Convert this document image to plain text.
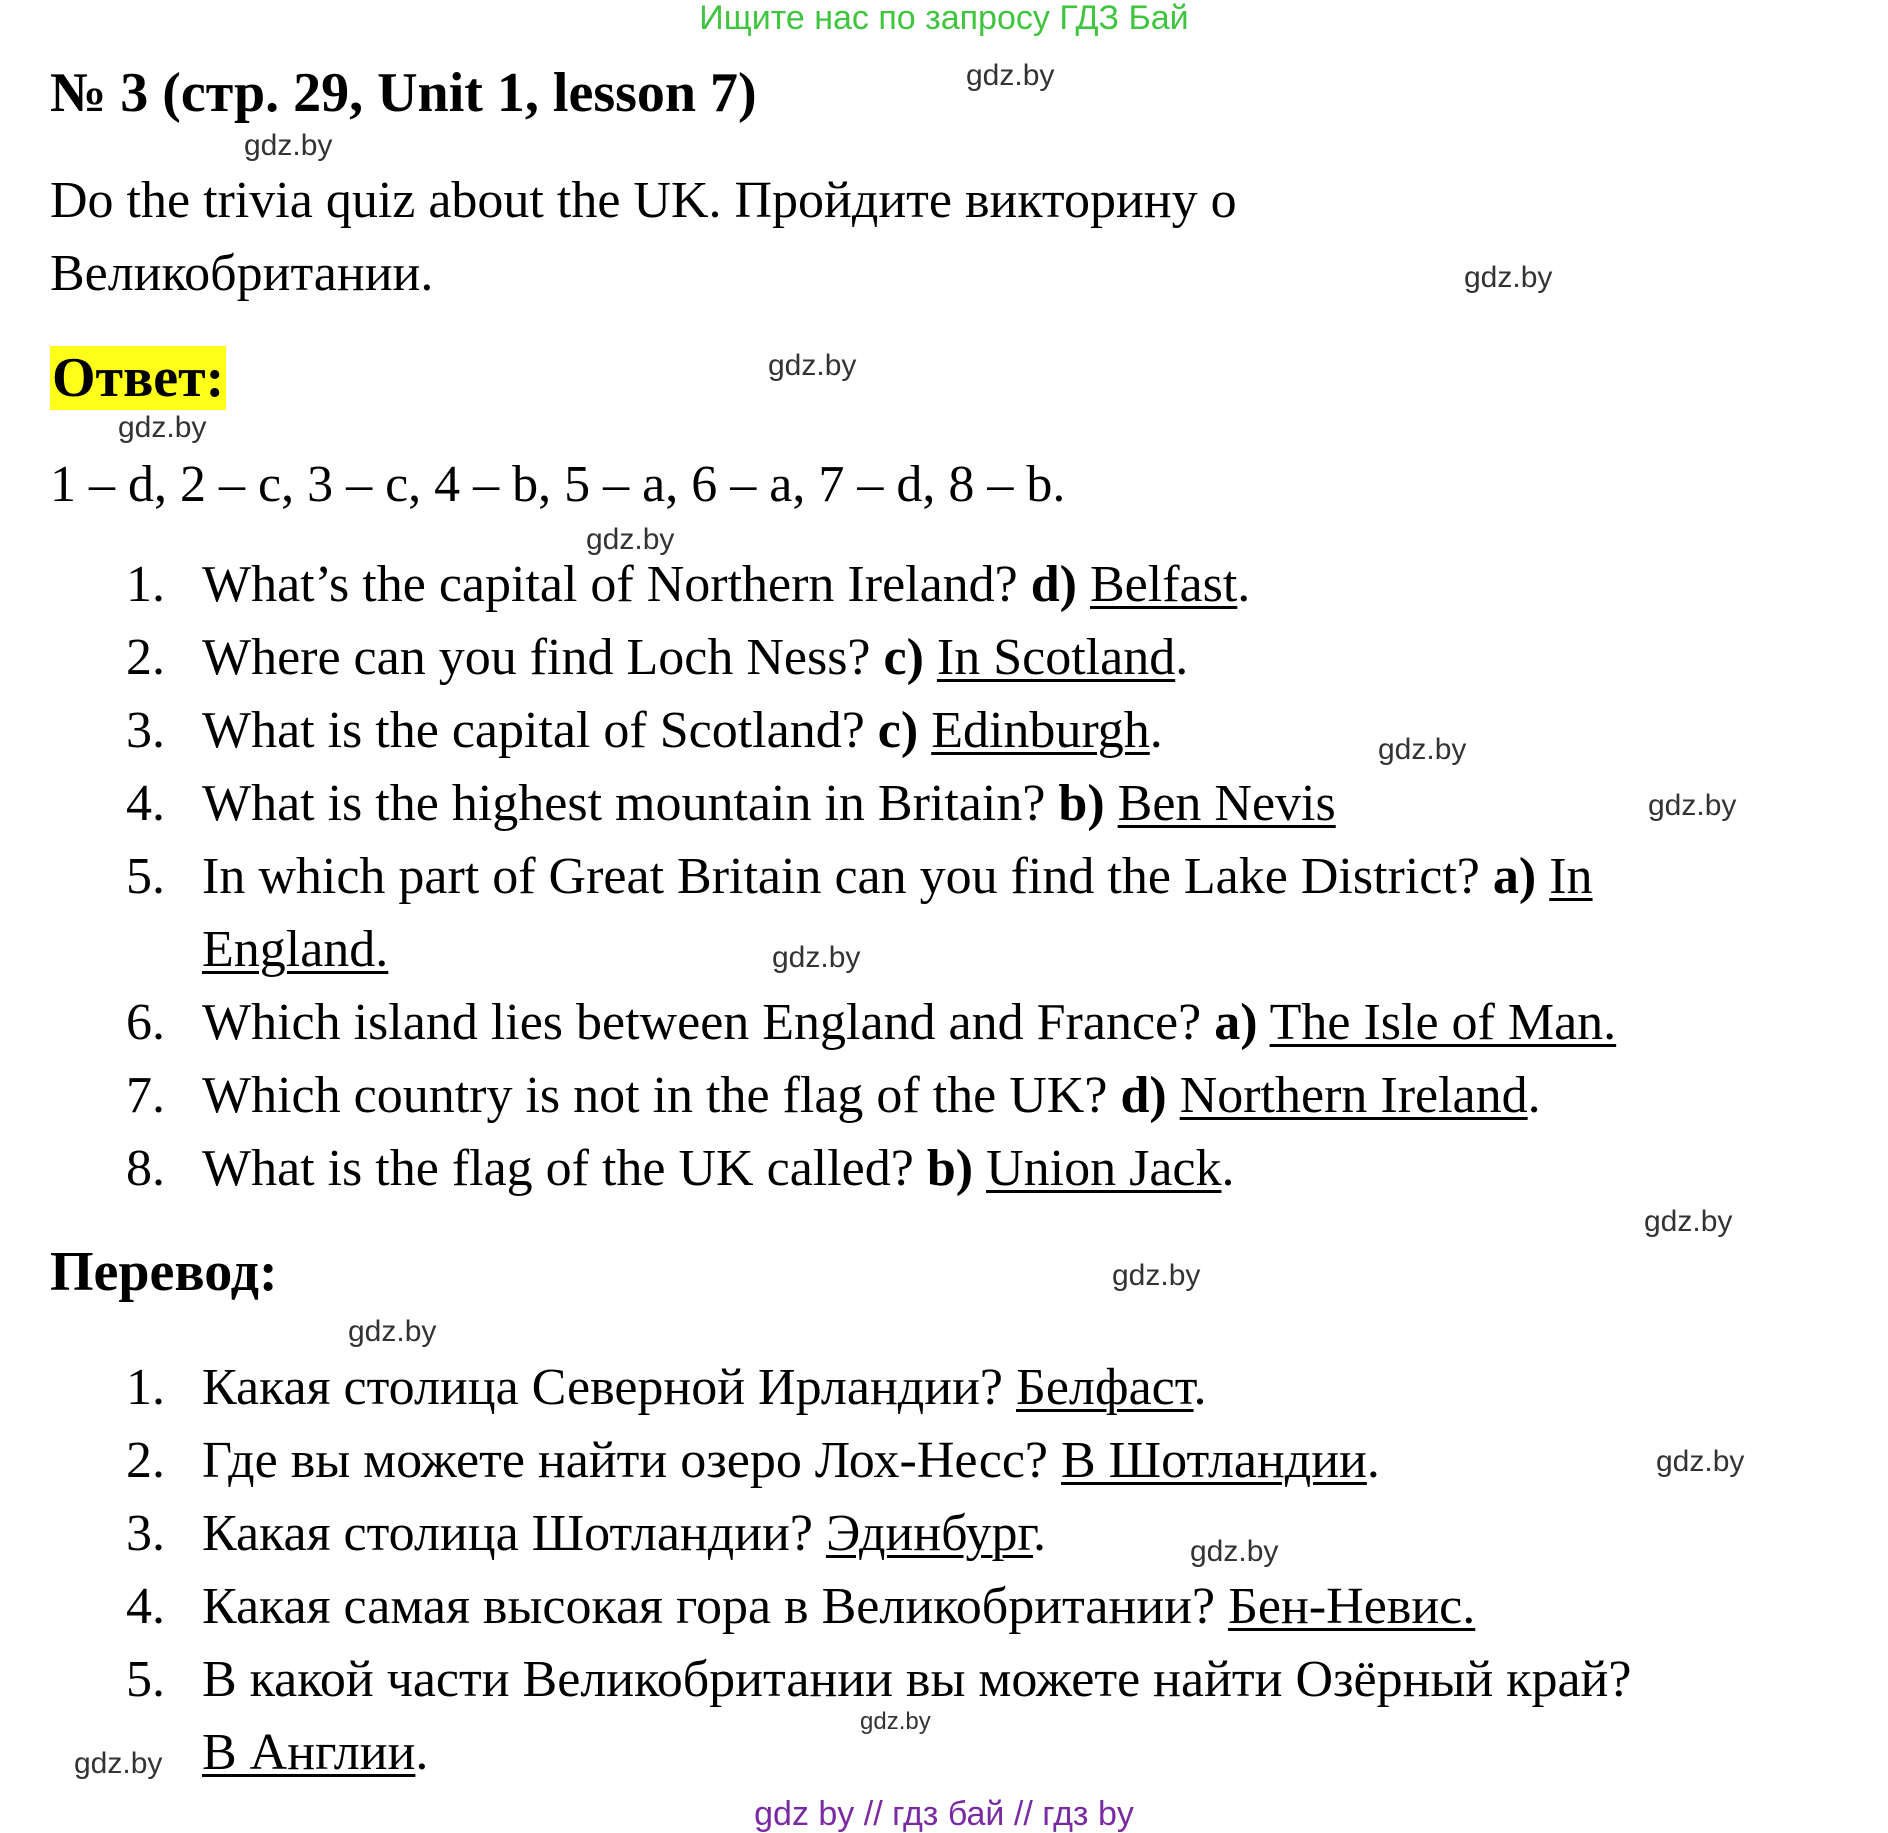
Ищите нас по запросу ГДЗ Бай
№ 3 (стр. 29, Unit 1, lesson 7)
Do the trivia quiz about the UK. Пройдите викторину о Великобритании.
Ответ:
1 – d, 2 – c, 3 – c, 4 – b, 5 – a, 6 – a, 7 – d, 8 – b.
1. What’s the capital of Northern Ireland? d) Belfast.
2. Where can you find Loch Ness? c) In Scotland.
3. What is the capital of Scotland? c) Edinburgh.
4. What is the highest mountain in Britain? b) Ben Nevis
5. In which part of Great Britain can you find the Lake District? a) In
England.
6. Which island lies between England and France? a) The Isle of Man.
7. Which country is not in the flag of the UK? d) Northern Ireland.
8. What is the flag of the UK called? b) Union Jack.
Перевод:
1. Какая столица Северной Ирландии? Белфаст.
2. Где вы можете найти озеро Лох-Несс? В Шотландии.
3. Какая столица Шотландии? Эдинбург.
4. Какая самая высокая гора в Великобритании? Бен-Невис.
5. В какой части Великобритании вы можете найти Озёрный край?
В Англии.
gdz.by
gdz.by
gdz.by
gdz.by
gdz.by
gdz.by
gdz.by
gdz.by
gdz.by
gdz.by
gdz.by
gdz.by
gdz.by
gdz.by
gdz.by
gdz.by
gdz by // гдз бай // гдз by
